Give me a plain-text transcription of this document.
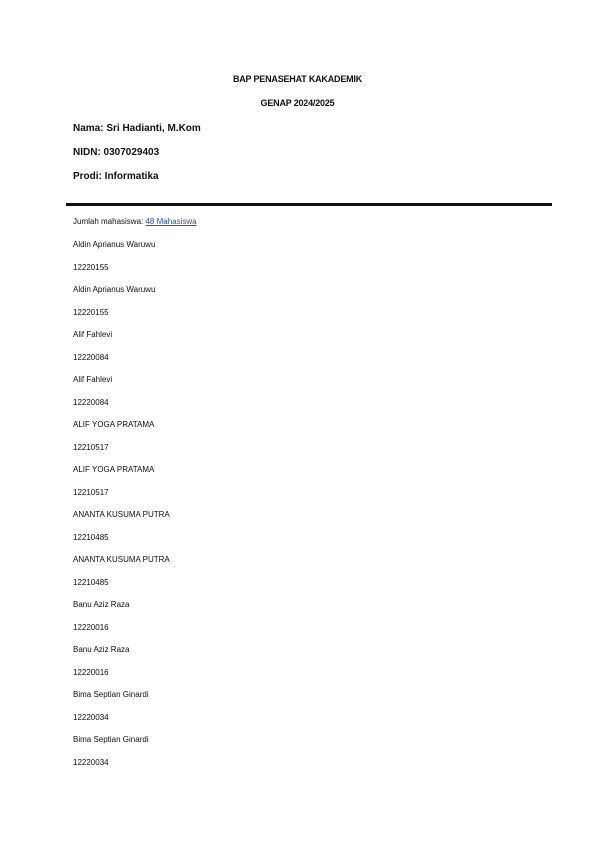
BAP PENASEHAT KAKADEMIK
GENAP 2024/2025
Nama: Sri Hadianti, M.Kom
NIDN: 0307029403
Prodi: Informatika
Jumlah mahasiswa: 48 Mahasiswa
Aldin Aprianus Waruwu
12220155
Aldin Aprianus Waruwu
12220155
Alif Fahlevi
12220084
Alif Fahlevi
12220084
ALIF YOGA PRATAMA
12210517
ALIF YOGA PRATAMA
12210517
ANANTA KUSUMA PUTRA
12210485
ANANTA KUSUMA PUTRA
12210485
Banu Aziz Raza
12220016
Banu Aziz Raza
12220016
Bima Septian Ginardi
12220034
Bima Septian Ginardi
12220034
